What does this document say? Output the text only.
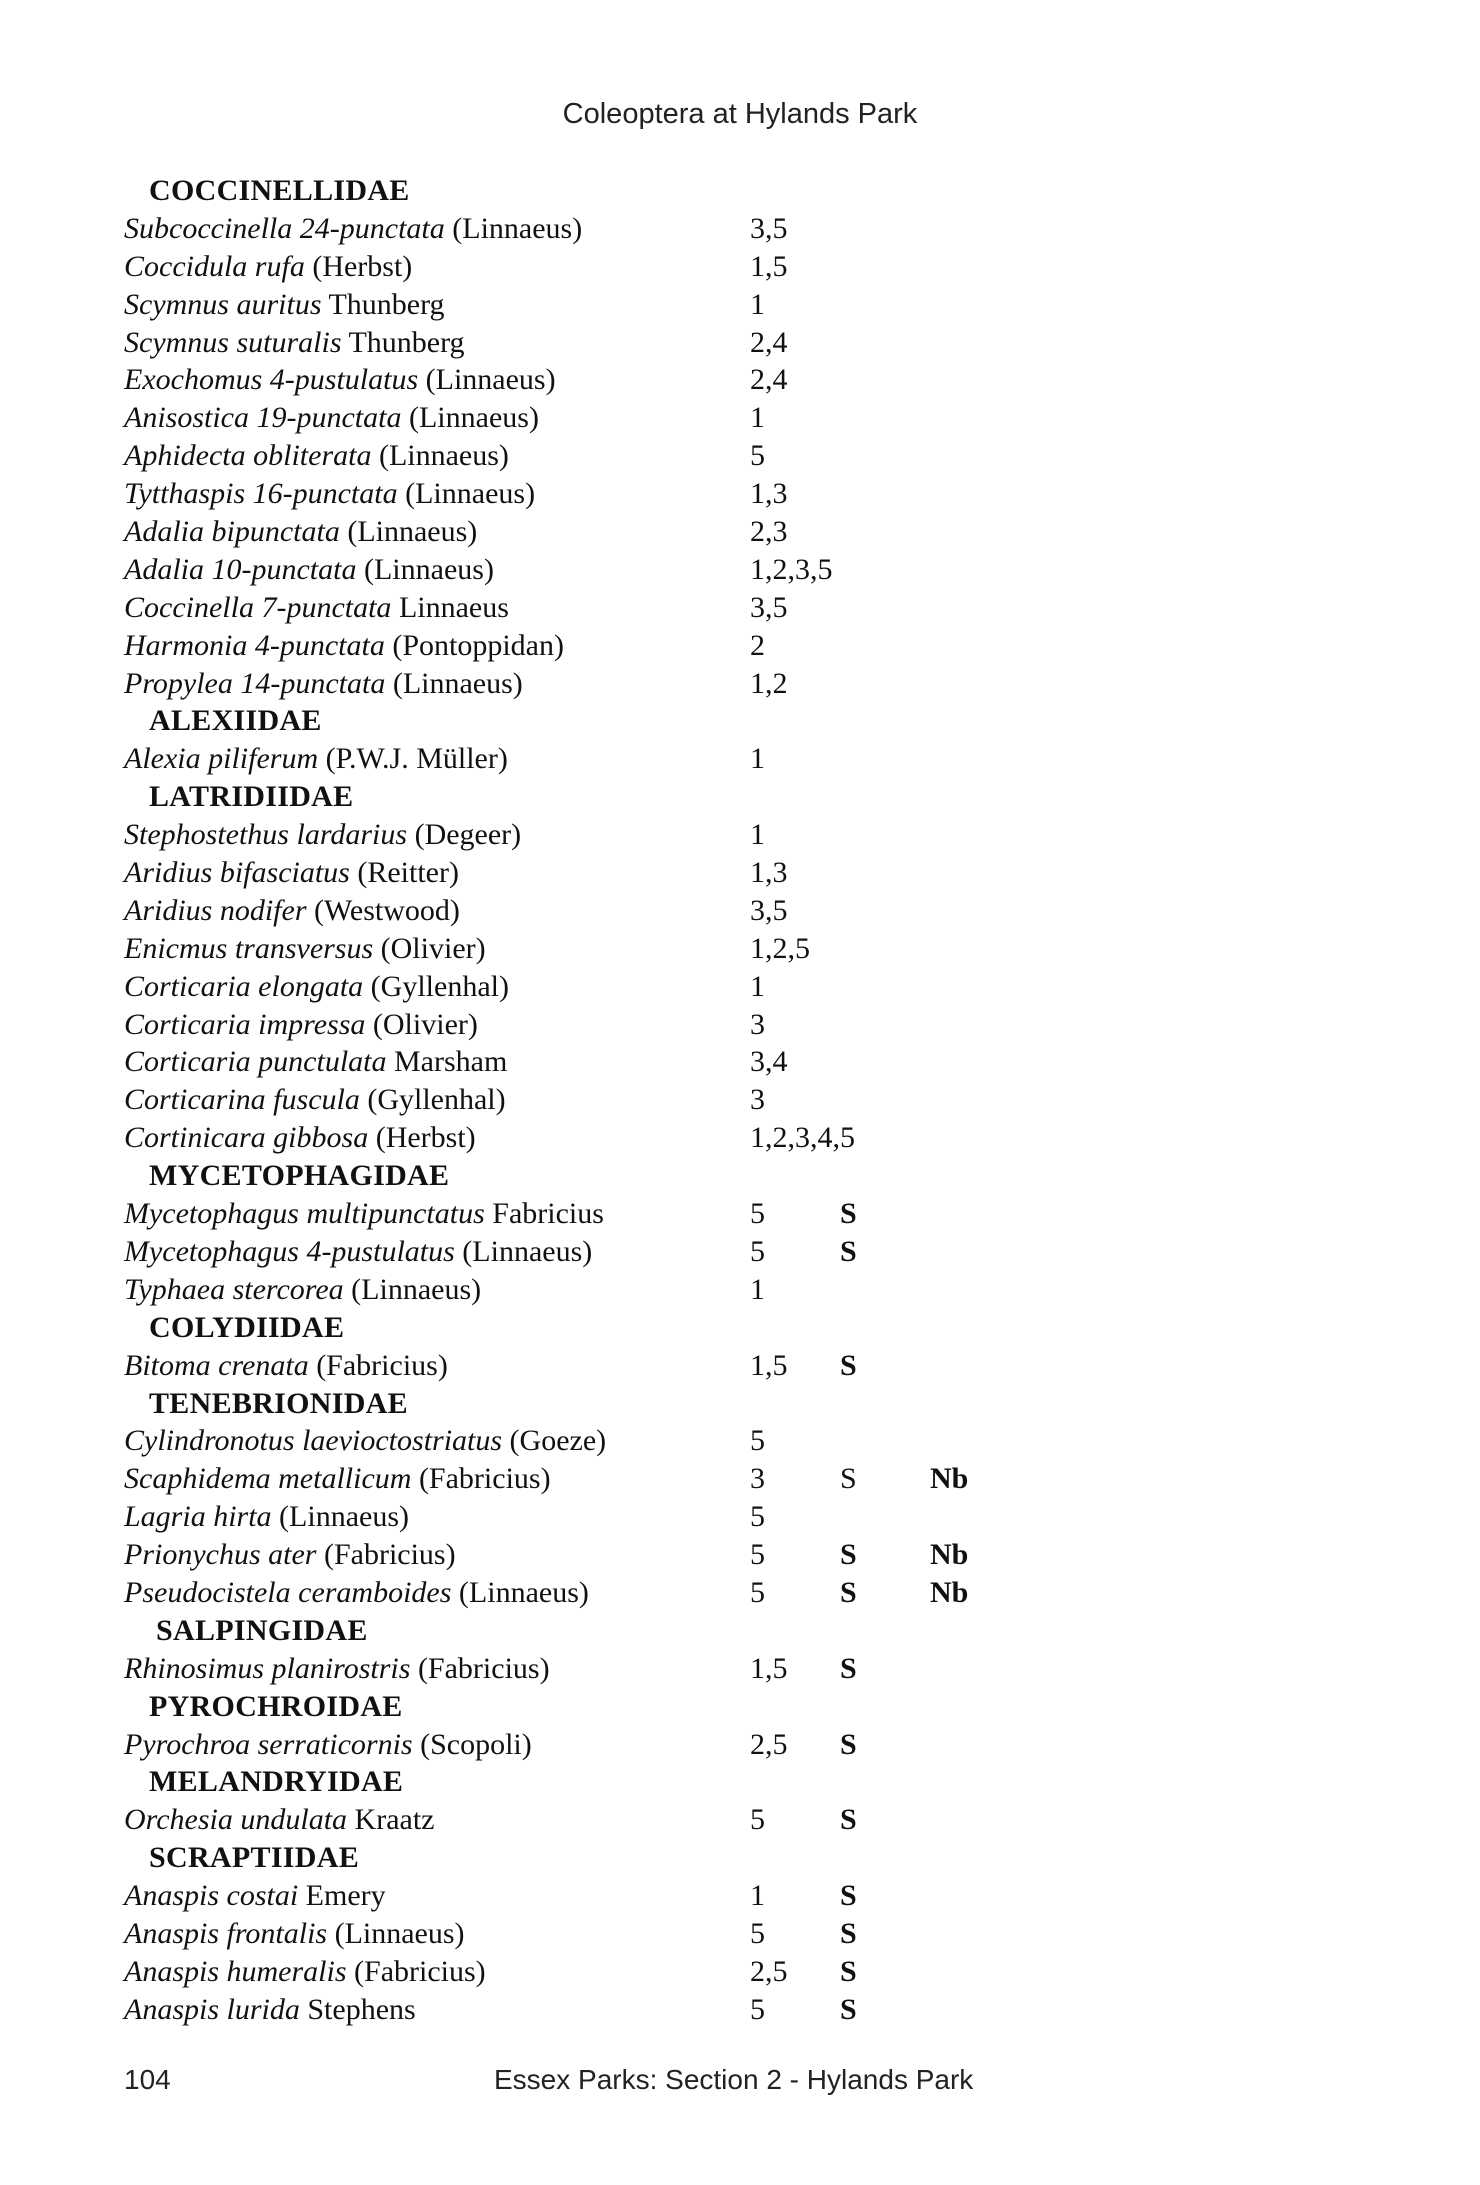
Coleoptera at Hylands Park
COCCINELLIDAE
Subcoccinella 24-punctata (Linnaeus)	3,5
Coccidula rufa (Herbst)	1,5
Scymnus auritus Thunberg	1
Scymnus suturalis Thunberg	2,4
Exochomus 4-pustulatus (Linnaeus)	2,4
Anisostica 19-punctata (Linnaeus)	1
Aphidecta obliterata (Linnaeus)	5
Tytthaspis 16-punctata (Linnaeus)	1,3
Adalia bipunctata (Linnaeus)	2,3
Adalia 10-punctata (Linnaeus)	1,2,3,5
Coccinella 7-punctata Linnaeus	3,5
Harmonia 4-punctata (Pontoppidan)	2
Propylea 14-punctata (Linnaeus)	1,2
ALEXIIDAE
Alexia piliferum (P.W.J. Müller)	1
LATRIDIIDAE
Stephostethus lardarius (Degeer)	1
Aridius bifasciatus (Reitter)	1,3
Aridius nodifer (Westwood)	3,5
Enicmus transversus (Olivier)	1,2,5
Corticaria elongata (Gyllenhal)	1
Corticaria impressa (Olivier)	3
Corticaria punctulata Marsham	3,4
Corticarina fuscula (Gyllenhal)	3
Cortinicara gibbosa (Herbst)	1,2,3,4,5
MYCETOPHAGIDAE
Mycetophagus multipunctatus Fabricius	5	S
Mycetophagus 4-pustulatus (Linnaeus)	5	S
Typhaea stercorea (Linnaeus)	1
COLYDIIDAE
Bitoma crenata (Fabricius)	1,5 S
TENEBRIONIDAE
Cylindronotus laevioctostriatus (Goeze)	5
Scaphidema metallicum (Fabricius)	3	S Nb
Lagria hirta (Linnaeus)	5
Prionychus ater (Fabricius)	5	S Nb
Pseudocistela ceramboides (Linnaeus)	5	S Nb
SALPINGIDAE
Rhinosimus planirostris (Fabricius)	1,5 S
PYROCHROIDAE
Pyrochroa serraticornis (Scopoli)	2,5 S
MELANDRYIDAE
Orchesia undulata Kraatz	5	S
SCRAPTIIDAE
Anaspis costai Emery	1	S
Anaspis frontalis (Linnaeus)	5	S
Anaspis humeralis (Fabricius)	2,5 S
Anaspis lurida Stephens	5	S
104	Essex Parks: Section 2 - Hylands Park
